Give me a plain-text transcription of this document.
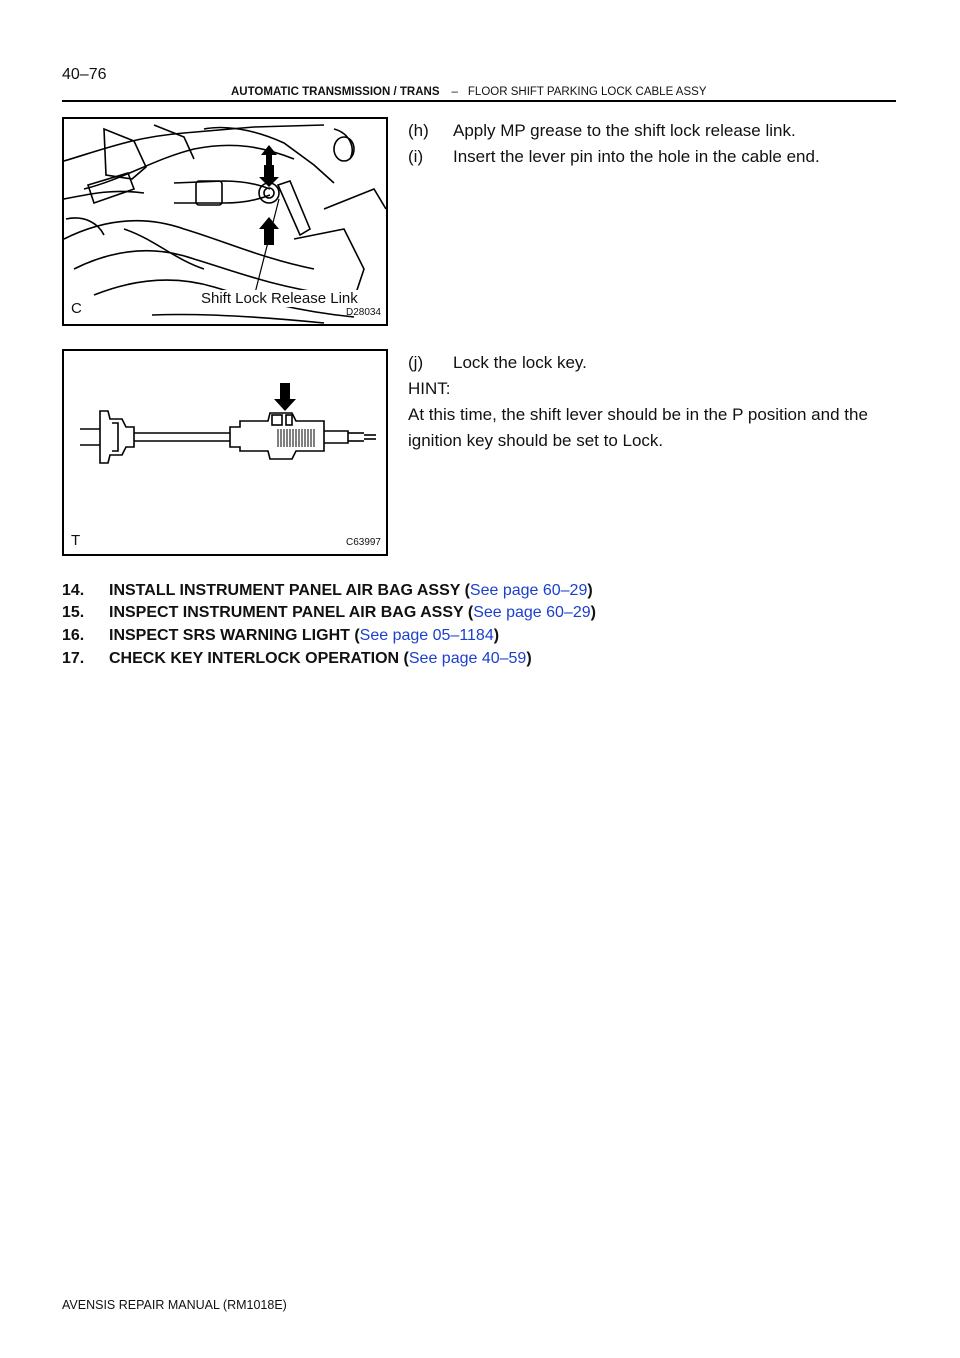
40–76
AUTOMATIC TRANSMISSION / TRANS – FLOOR SHIFT PARKING LOCK CABLE ASSY
Shift Lock Release Link
C	D28034
(h) Apply MP grease to the shift lock release link.
(i) Insert the lever pin into the hole in the cable end.
T	C63997
(j) Lock the lock key.
HINT:
At this time, the shift lever should be in the P position and the
ignition key should be set to Lock.
14. INSTALL INSTRUMENT PANEL AIR BAG ASSY (See page 60–29)
15. INSPECT INSTRUMENT PANEL AIR BAG ASSY (See page 60–29)
16. INSPECT SRS WARNING LIGHT (See page 05–1184)
17. CHECK KEY INTERLOCK OPERATION (See page 40–59)
AVENSIS REPAIR MANUAL (RM1018E)
